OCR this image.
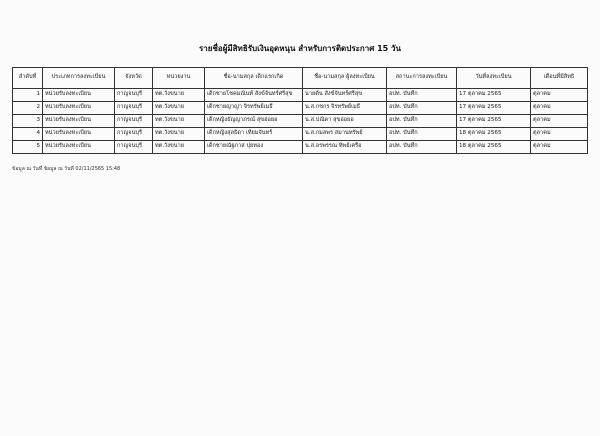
รายชื่อผู้มีสิทธิรับเงินอุดหนุน สำหรับการติดประกาศ 15 วัน
ลำดับที่	ประเภทการลงทะเบียน	จังหวัด	หน่วยงาน	ชื่อ-นามสกุล เด็กแรกเกิด	ชื่อ-นามสกุล ผู้ลงทะเบียน	สถานะการลงทะเบียน	วันที่ลงทะเบียน	เดือนที่มีสิทธิ
1	หน่วยรับลงทะเบียน	กาญจนบุรี	ทต.วังขนาย	เด็กชายโชคมณินท์ สังข์จันทร์ศรีสุข	นายต้น สังข์จันทร์ศรีสุข	อปท. บันทึก	17 ตุลาคม 2565	ตุลาคม
2	หน่วยรับลงทะเบียน	กาญจนบุรี	ทต.วังขนาย	เด็กชายญาญ่า จิรทรัพย์เมธี	น.ส.กชกร จิรทรัพย์เมธี	อปท. บันทึก	17 ตุลาคม 2565	ตุลาคม
3	หน่วยรับลงทะเบียน	กาญจนบุรี	ทต.วังขนาย	เด็กหญิงธัญญาภรณ์ สุขอ่อยอ	น.ส.ปณิดา สุขอ่อยอ	อปท. บันทึก	17 ตุลาคม 2565	ตุลาคม
4	หน่วยรับลงทะเบียน	กาญจนบุรี	ทต.วังขนาย	เด็กหญิงสุลธิดา เทียมจันทร์	น.ส.กมลพร สมานทรัพย์	อปท. บันทึก	18 ตุลาคม 2565	ตุลาคม
5	หน่วยรับลงทะเบียน	กาญจนบุรี	ทต.วังขนาย	เด็กชายณัฐภาส ปุยทอง	น.ส.อรพรรณ ทิพย์เครือ	อปท. บันทึก	18 ตุลาคม 2565	ตุลาคม
ข้อมูล ณ วันที่ ข้อมูล ณ วันที่ 02/11/2565 15:48
